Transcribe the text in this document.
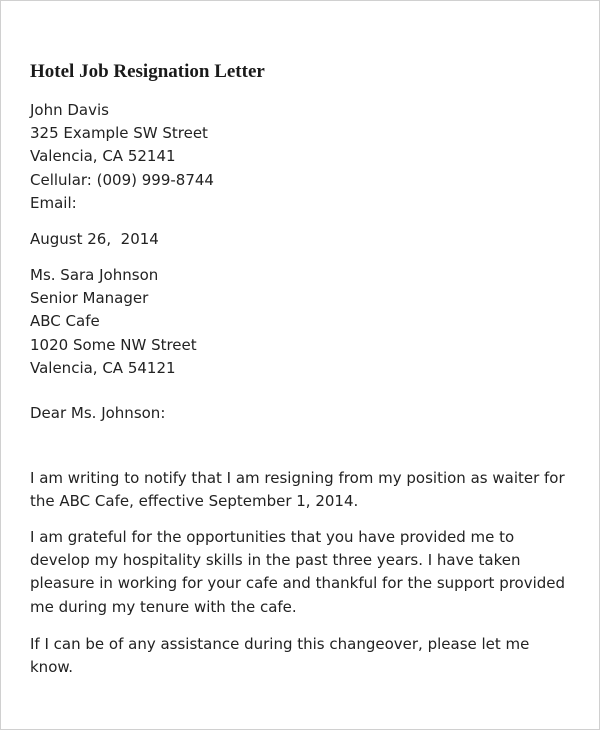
Hotel Job Resignation Letter
John Davis
325 Example SW Street
Valencia, CA 52141
Cellular: (009) 999-8744
Email:
August 26,  2014
Ms. Sara Johnson
Senior Manager
ABC Cafe
1020 Some NW Street
Valencia, CA 54121
Dear Ms. Johnson:
I am writing to notify that I am resigning from my position as waiter for the ABC Cafe, effective September 1, 2014.
I am grateful for the opportunities that you have provided me to develop my hospitality skills in the past three years. I have taken pleasure in working for your cafe and thankful for the support provided me during my tenure with the cafe.
If I can be of any assistance during this changeover, please let me know.
